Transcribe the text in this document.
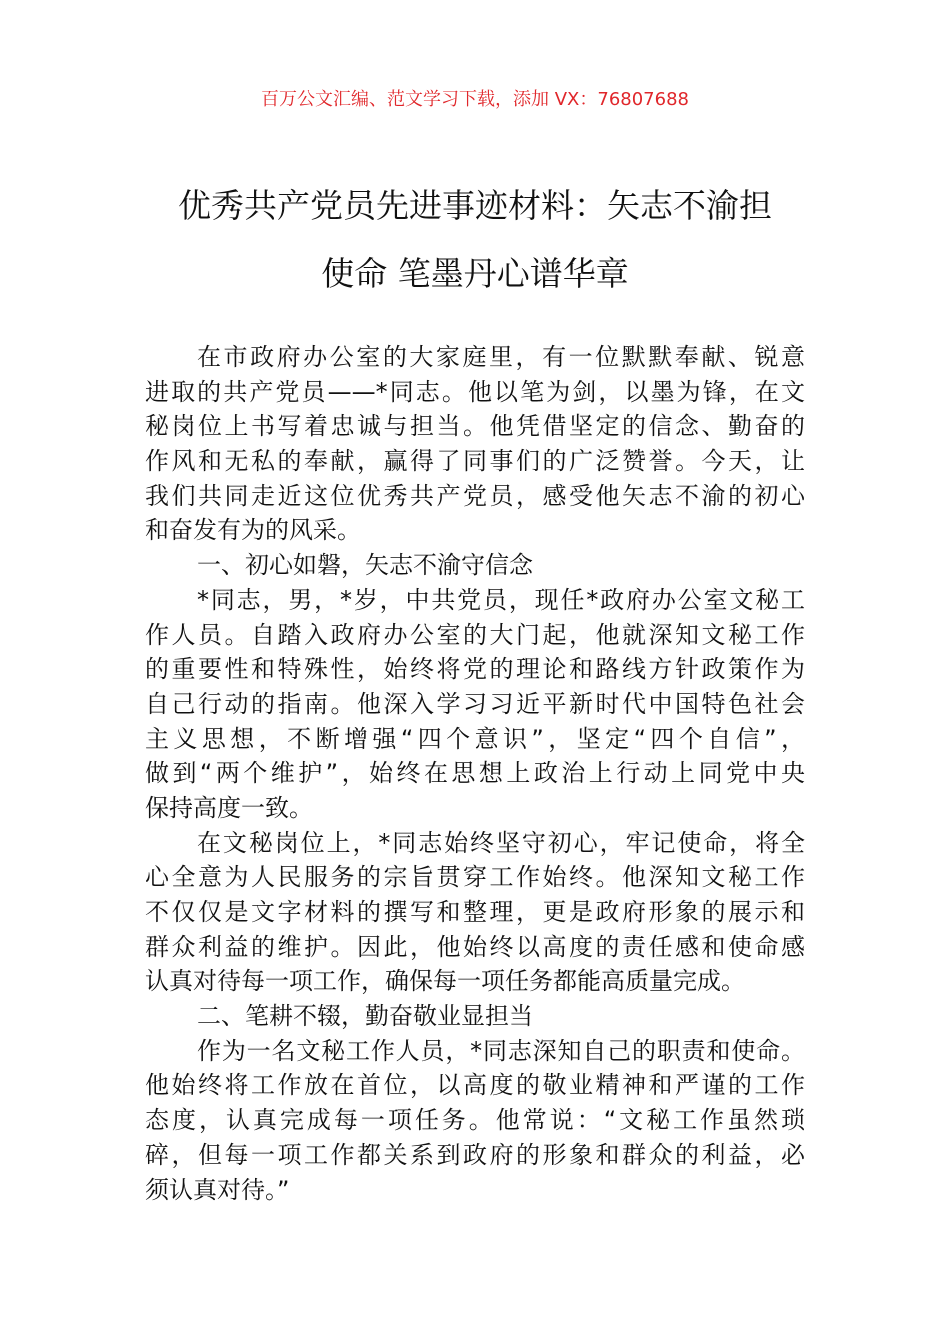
百万公文汇编、范文学习下载，添加 VX：76807688
优秀共产党员先进事迹材料：矢志不渝担
使命 笔墨丹心谱华章
在市政府办公室的大家庭里，有一位默默奉献、锐意
进取的共产党员——*同志。他以笔为剑，以墨为锋，在文
秘岗位上书写着忠诚与担当。他凭借坚定的信念、勤奋的
作风和无私的奉献，赢得了同事们的广泛赞誉。今天，让
我们共同走近这位优秀共产党员，感受他矢志不渝的初心
和奋发有为的风采。
一、初心如磐，矢志不渝守信念
*同志，男，*岁，中共党员，现任*政府办公室文秘工
作人员。自踏入政府办公室的大门起，他就深知文秘工作
的重要性和特殊性，始终将党的理论和路线方针政策作为
自己行动的指南。他深入学习习近平新时代中国特色社会
主义思想，不断增强“四个意识”，坚定“四个自信”，
做到“两个维护”，始终在思想上政治上行动上同党中央
保持高度一致。
在文秘岗位上，*同志始终坚守初心，牢记使命，将全
心全意为人民服务的宗旨贯穿工作始终。他深知文秘工作
不仅仅是文字材料的撰写和整理，更是政府形象的展示和
群众利益的维护。因此，他始终以高度的责任感和使命感
认真对待每一项工作，确保每一项任务都能高质量完成。
二、笔耕不辍，勤奋敬业显担当
作为一名文秘工作人员，*同志深知自己的职责和使命。
他始终将工作放在首位，以高度的敬业精神和严谨的工作
态度，认真完成每一项任务。他常说：“文秘工作虽然琐
碎，但每一项工作都关系到政府的形象和群众的利益，必
须认真对待。”
